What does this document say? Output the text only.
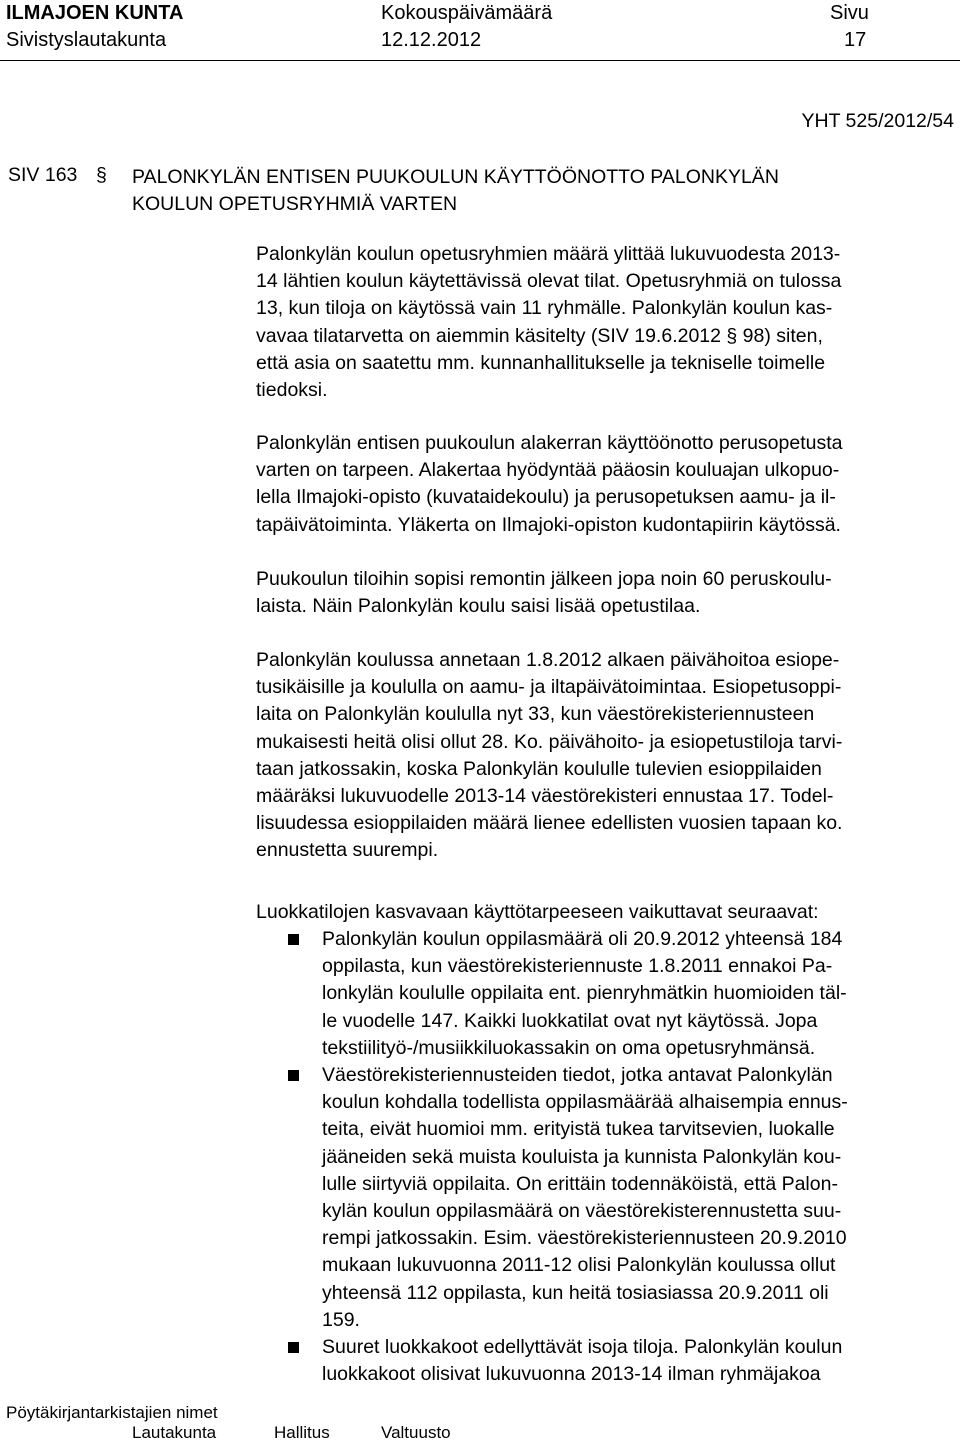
ILMAJOEN KUNTA
Sivistyslautakunta
Kokouspäivämäärä
12.12.2012
Sivu
17
YHT 525/2012/54
SIV 163 § PALONKYLÄN ENTISEN PUUKOULUN KÄYTTÖÖNOTTO PALONKYLÄN
KOULUN OPETUSRYHMIÄ VARTEN
Palonkylän koulun opetusryhmien määrä ylittää lukuvuodesta 2013-
14 lähtien koulun käytettävissä olevat tilat. Opetusryhmiä on tulossa
13, kun tiloja on käytössä vain 11 ryhmälle. Palonkylän koulun kas-
vavaa tilatarvetta on aiemmin käsitelty (SIV 19.6.2012 § 98) siten,
että asia on saatettu mm. kunnanhallitukselle ja tekniselle toimelle
tiedoksi.
Palonkylän entisen puukoulun alakerran käyttöönotto perusopetusta
varten on tarpeen. Alakertaa hyödyntää pääosin kouluajan ulkopuo-
lella Ilmajoki-opisto (kuvataidekoulu) ja perusopetuksen aamu- ja il-
tapäivätoiminta. Yläkerta on Ilmajoki-opiston kudontapiirin käytössä.
Puukoulun tiloihin sopisi remontin jälkeen jopa noin 60 peruskoulu-
laista. Näin Palonkylän koulu saisi lisää opetustilaa.
Palonkylän koulussa annetaan 1.8.2012 alkaen päivähoitoa esiope-
tusikäisille ja koululla on aamu- ja iltapäivätoimintaa. Esiopetusoppi-
laita on Palonkylän koululla nyt 33, kun väestörekisteriennusteen
mukaisesti heitä olisi ollut 28. Ko. päivähoito- ja esiopetustiloja tarvi-
taan jatkossakin, koska Palonkylän koululle tulevien esioppilaiden
määräksi lukuvuodelle 2013-14 väestörekisteri ennustaa 17. Todel-
lisuudessa esioppilaiden määrä lienee edellisten vuosien tapaan ko.
ennustetta suurempi.
Luokkatilojen kasvavaan käyttötarpeeseen vaikuttavat seuraavat:
Palonkylän koulun oppilasmäärä oli 20.9.2012 yhteensä 184
oppilasta, kun väestörekisteriennuste 1.8.2011 ennakoi Pa-
lonkylän koululle oppilaita ent. pienryhmätkin huomioiden täl-
le vuodelle 147. Kaikki luokkatilat ovat nyt käytössä. Jopa
tekstiilityö-/musiikkiluokassakin on oma opetusryhmänsä.
Väestörekisteriennusteiden tiedot, jotka antavat Palonkylän
koulun kohdalla todellista oppilasmäärää alhaisempia ennus-
teita, eivät huomioi mm. erityistä tukea tarvitsevien, luokalle
jääneiden sekä muista kouluista ja kunnista Palonkylän kou-
lulle siirtyviä oppilaita. On erittäin todennäköistä, että Palon-
kylän koulun oppilasmäärä on väestörekisterennustetta suu-
rempi jatkossakin. Esim. väestörekisteriennusteen 20.9.2010
mukaan lukuvuonna 2011-12 olisi Palonkylän koulussa ollut
yhteensä 112 oppilasta, kun heitä tosiasiassa 20.9.2011 oli
159.
Suuret luokkakoot edellyttävät isoja tiloja. Palonkylän koulun
luokkakoot olisivat lukuvuonna 2013-14 ilman ryhmäjakoa
Pöytäkirjantarkistajien nimet
Lautakunta	Hallitus	Valtuusto
